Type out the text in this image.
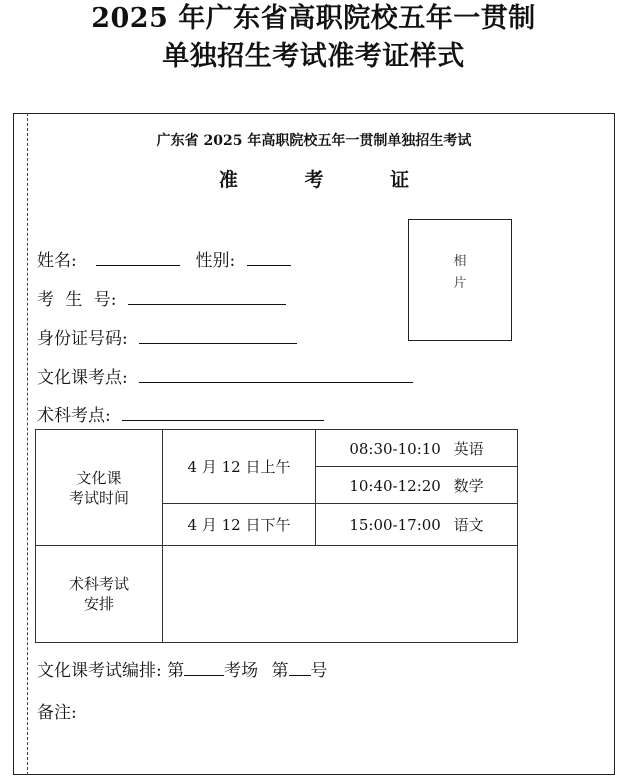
2025 年广东省高职院校五年一贯制
单独招生考试准考证样式
广东省 2025 年高职院校五年一贯制单独招生考试
准 考 证
相
片
姓名:	性别:
考 生 号:
身份证号码:
文化课考点:
术科考点:
文化课
考试时间	4 月 12 日上午	08:30-10:10 英语
		10:40-12:20 数学
	4 月 12 日下午	15:00-17:00 语文

术科考试
安排		

文化课考试编排: 第 考场 第 号
备注:
